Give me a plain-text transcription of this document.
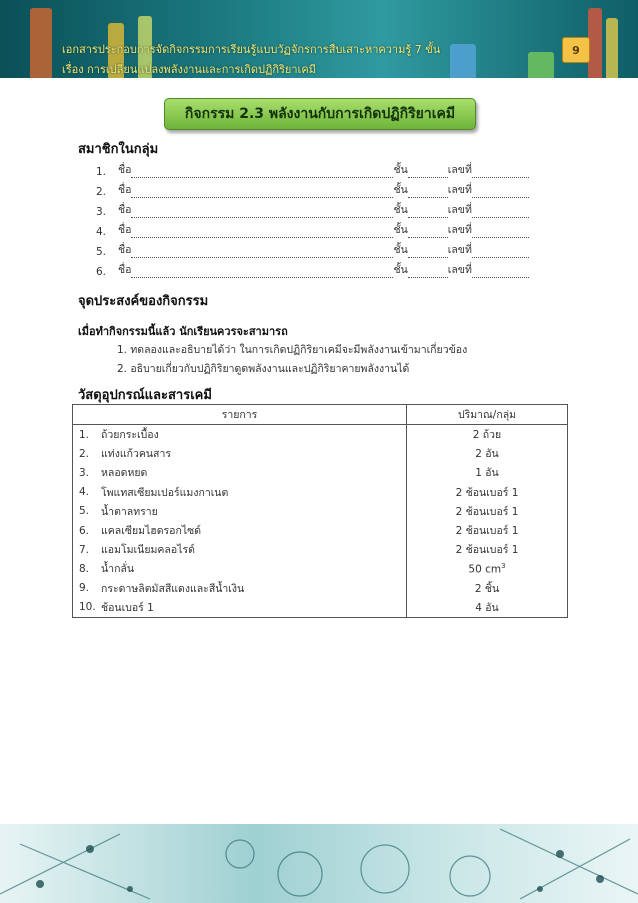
เอกสารประกอบการจัดกิจกรรมการเรียนรู้แบบวัฏจักรการสืบเสาะหาความรู้ 7 ขั้น
เรื่อง การเปลี่ยนแปลงพลังงานและการเกิดปฏิกิริยาเคมี
9
กิจกรรม 2.3 พลังงานกับการเกิดปฏิกิริยาเคมี
สมาชิกในกลุ่ม
1.	ชื่อ	ชั้น	เลขที่
2.	ชื่อ	ชั้น	เลขที่
3.	ชื่อ	ชั้น	เลขที่
4.	ชื่อ	ชั้น	เลขที่
5.	ชื่อ	ชั้น	เลขที่
6.	ชื่อ	ชั้น	เลขที่
จุดประสงค์ของกิจกรรม
เมื่อทำกิจกรรมนี้แล้ว นักเรียนควรจะสามารถ
1. ทดลองและอธิบายได้ว่า ในการเกิดปฏิกิริยาเคมีจะมีพลังงานเข้ามาเกี่ยวข้อง
2. อธิบายเกี่ยวกับปฏิกิริยาดูดพลังงานและปฏิกิริยาคายพลังงานได้
วัสดุอุปกรณ์และสารเคมี
รายการ		ปริมาณ/กลุ่ม
1.	ถ้วยกระเบื้อง	2 ถ้วย
2.	แท่งแก้วคนสาร	2 อัน
3.	หลอดหยด	1 อัน
4.	โพแทสเซียมเปอร์แมงกาเนต	2 ช้อนเบอร์ 1
5.	น้ำตาลทราย	2 ช้อนเบอร์ 1
6.	แคลเซียมไฮดรอกไซด์	2 ช้อนเบอร์ 1
7.	แอมโมเนียมคลอไรด์	2 ช้อนเบอร์ 1
8.	น้ำกลั่น	50 $cm^3$
9.	กระดาษลิตมัสสีแดงและสีน้ำเงิน	2 ชิ้น
10.	ช้อนเบอร์ 1	4 อัน
